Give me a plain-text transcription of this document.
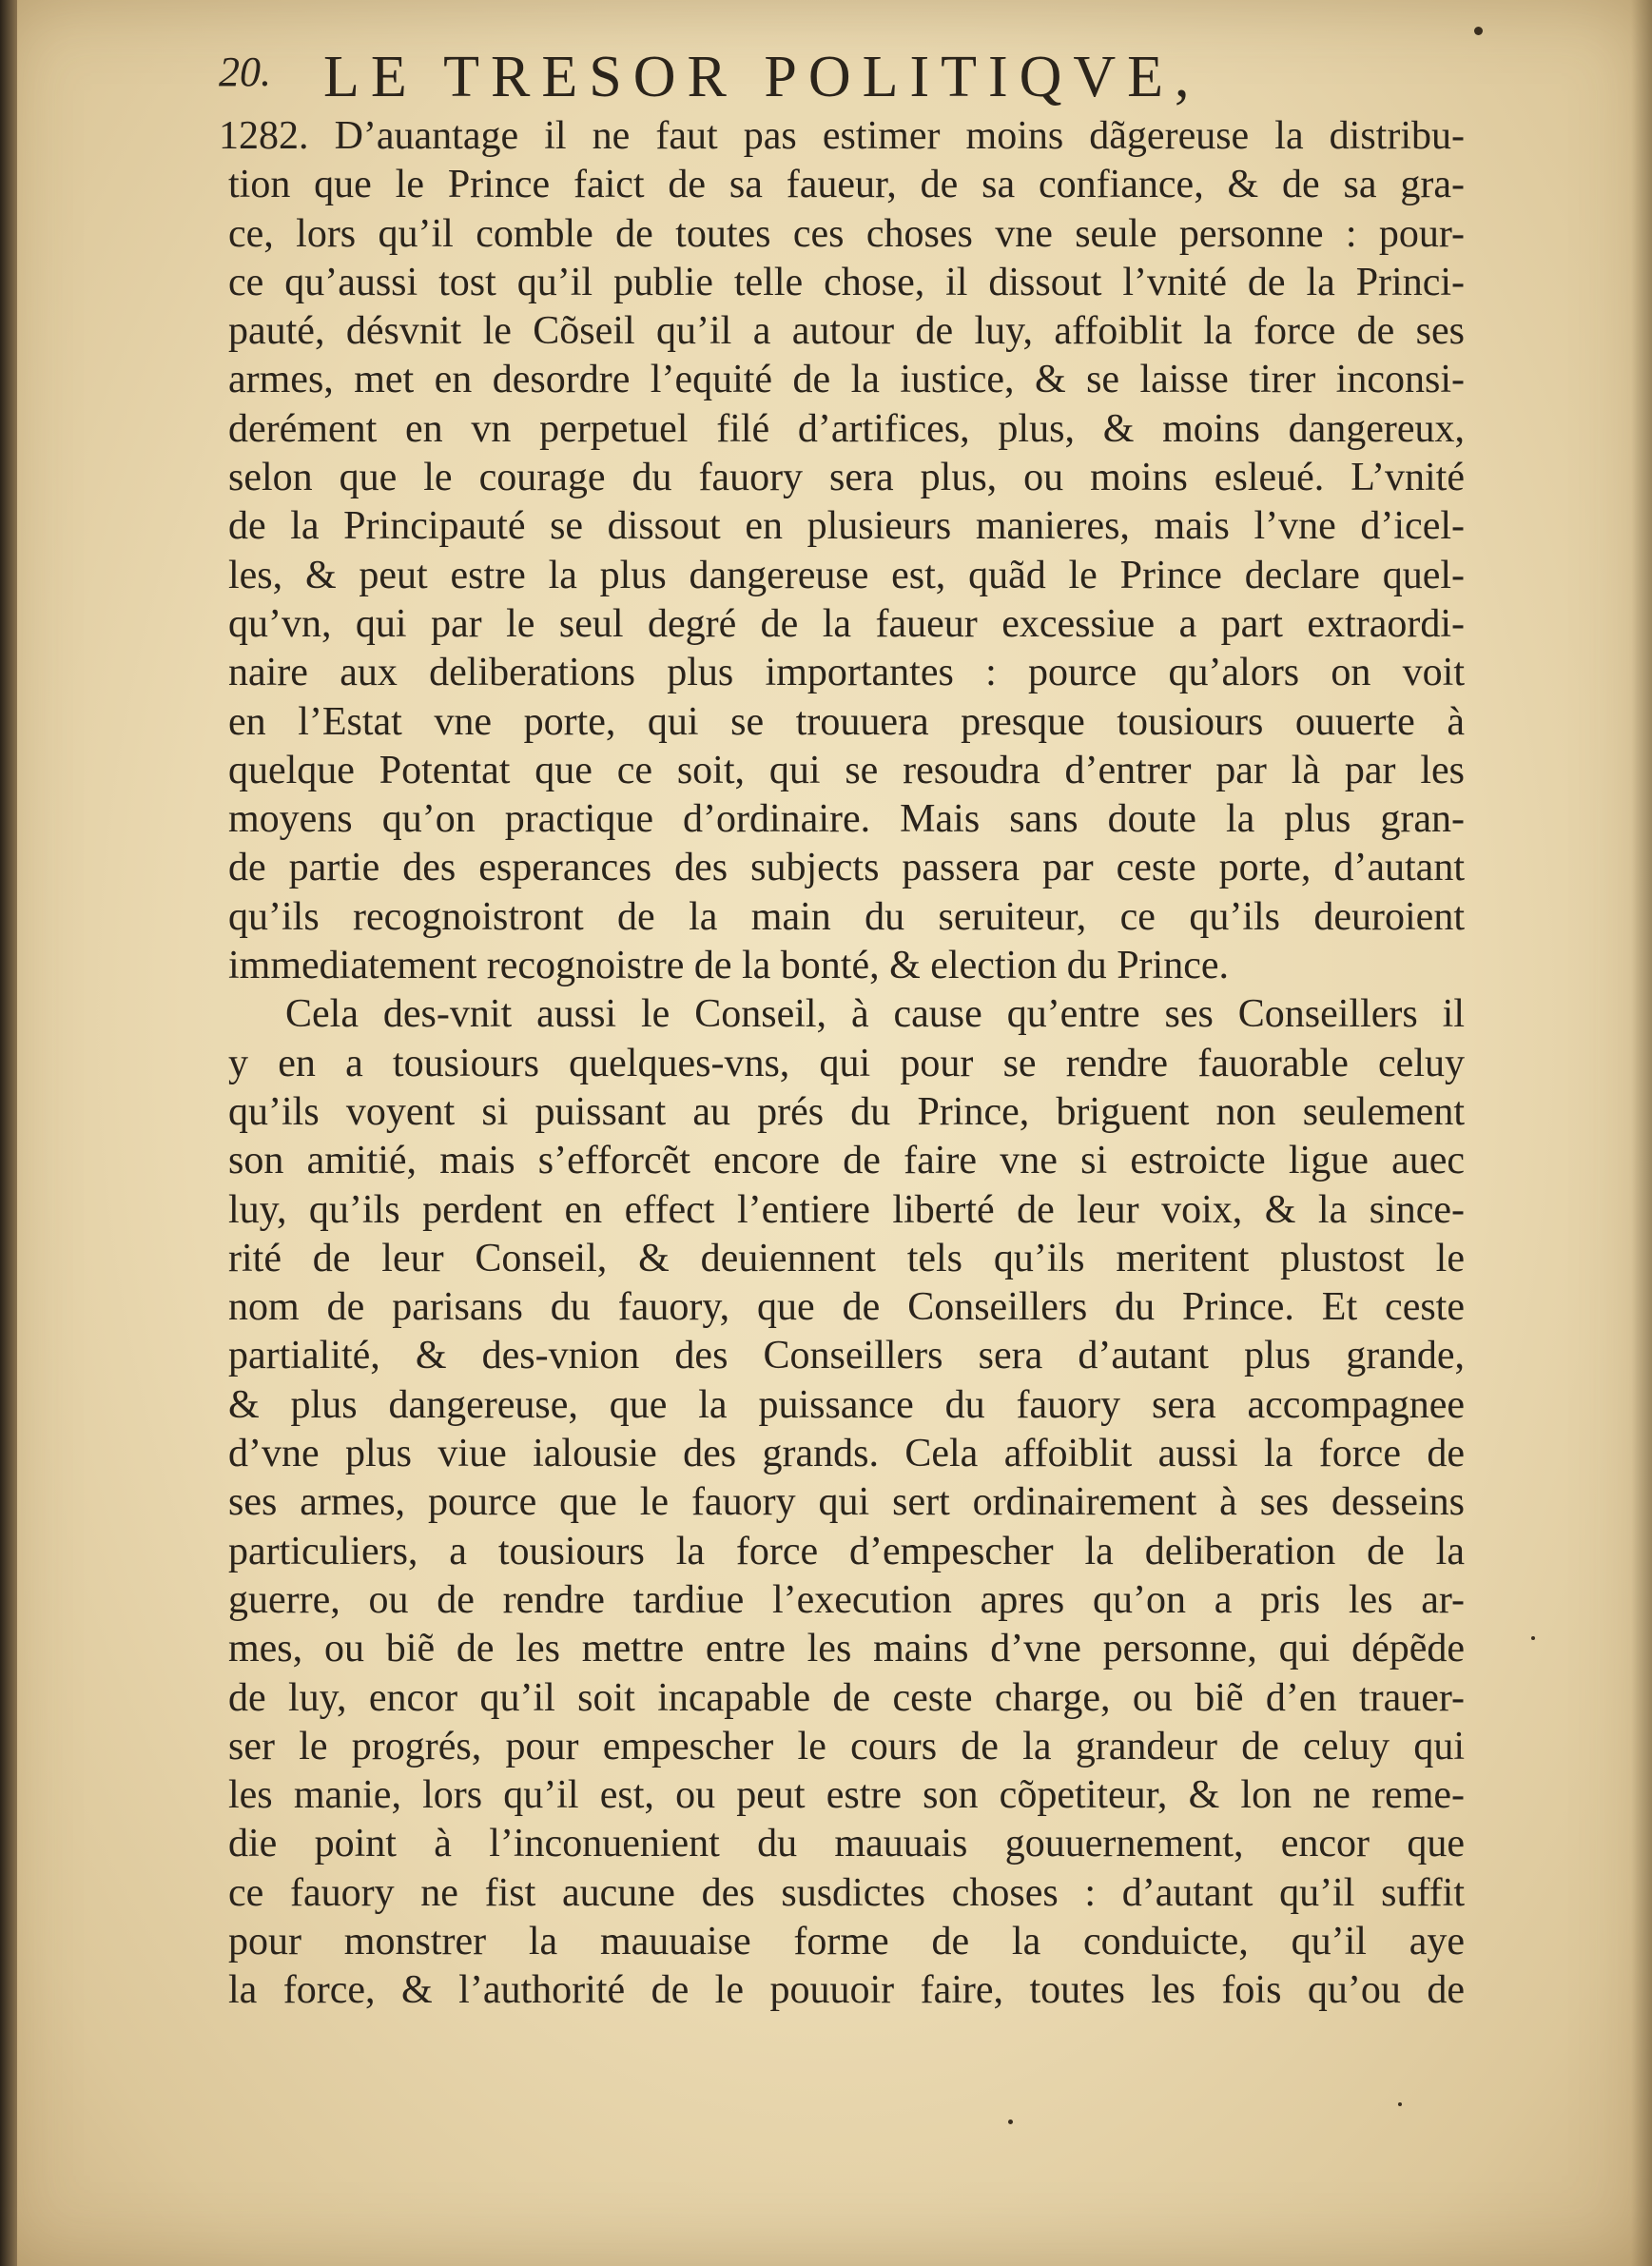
20. LE TRESOR POLITIQVE,
1282. D’auantage il ne faut pas estimer moins dãgereuse la distribu-
tion que le Prince faict de sa faueur, de sa confiance, & de sa gra-
ce, lors qu’il comble de toutes ces choses vne seule personne : pour-
ce qu’aussi tost qu’il publie telle chose, il dissout l’vnité de la Princi-
pauté, désvnit le Cõseil qu’il a autour de luy, affoiblit la force de ses
armes, met en desordre l’equité de la iustice, & se laisse tirer inconsi-
derément en vn perpetuel filé d’artifices, plus, & moins dangereux,
selon que le courage du fauory sera plus, ou moins esleué. L’vnité
de la Principauté se dissout en plusieurs manieres, mais l’vne d’icel-
les, & peut estre la plus dangereuse est, quãd le Prince declare quel-
qu’vn, qui par le seul degré de la faueur excessiue a part extraordi-
naire aux deliberations plus importantes : pource qu’alors on voit
en l’Estat vne porte, qui se trouuera presque tousiours ouuerte à
quelque Potentat que ce soit, qui se resoudra d’entrer par là par les
moyens qu’on practique d’ordinaire. Mais sans doute la plus gran-
de partie des esperances des subjects passera par ceste porte, d’autant
qu’ils recognoistront de la main du seruiteur, ce qu’ils deuroient
immediatement recognoistre de la bonté, & election du Prince.
Cela des-vnit aussi le Conseil, à cause qu’entre ses Conseillers il
y en a tousiours quelques-vns, qui pour se rendre fauorable celuy
qu’ils voyent si puissant au prés du Prince, briguent non seulement
son amitié, mais s’efforcẽt encore de faire vne si estroicte ligue auec
luy, qu’ils perdent en effect l’entiere liberté de leur voix, & la since-
rité de leur Conseil, & deuiennent tels qu’ils meritent plustost le
nom de parisans du fauory, que de Conseillers du Prince. Et ceste
partialité, & des-vnion des Conseillers sera d’autant plus grande,
& plus dangereuse, que la puissance du fauory sera accompagnee
d’vne plus viue ialousie des grands. Cela affoiblit aussi la force de
ses armes, pource que le fauory qui sert ordinairement à ses desseins
particuliers, a tousiours la force d’empescher la deliberation de la
guerre, ou de rendre tardiue l’execution apres qu’on a pris les ar-
mes, ou biẽ de les mettre entre les mains d’vne personne, qui dépẽde
de luy, encor qu’il soit incapable de ceste charge, ou biẽ d’en trauer-
ser le progrés, pour empescher le cours de la grandeur de celuy qui
les manie, lors qu’il est, ou peut estre son cõpetiteur, & lon ne reme-
die point à l’inconuenient du mauuais gouuernement, encor que
ce fauory ne fist aucune des susdictes choses : d’autant qu’il suffit
pour monstrer la mauuaise forme de la conduicte, qu’il aye
la force, & l’authorité de le pouuoir faire, toutes les fois qu’ou de
